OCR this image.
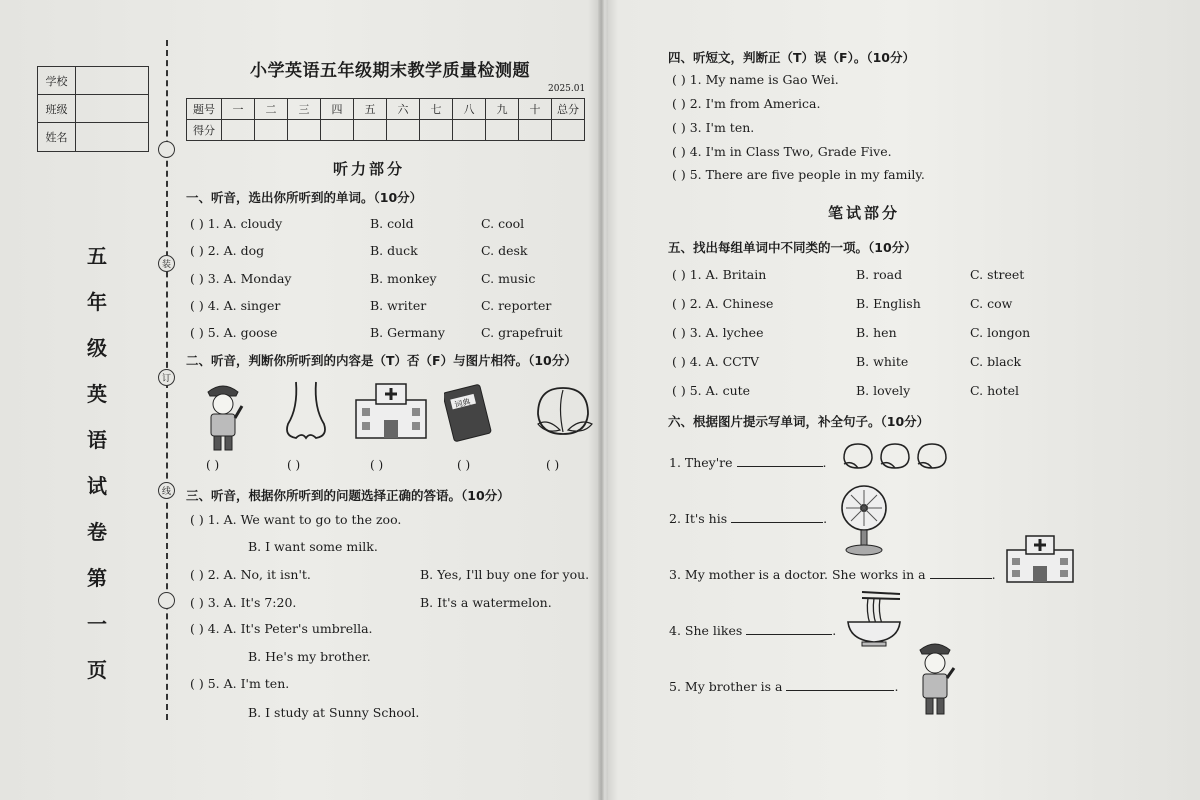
学校
班级
姓名
五
年
级
英
语
试
卷
第
一
页
装
订
线
小学英语五年级期末教学质量检测题
2025.01
题号	一	二	三	四	五	六	七	八	九	十	总分
得分											
听力部分
一、听音，选出你所听到的单词。（10分）
( ) 1. A. cloudy	B. cold	C. cool
( ) 2. A. dog	B. duck	C. desk
( ) 3. A. Monday	B. monkey	C. music
( ) 4. A. singer	B. writer	C. reporter
( ) 5. A. goose	B. Germany	C. grapefruit
二、听音，判断你所听到的内容是（T）否（F）与图片相符。（10分）
词典
( )	( )	( )	( )	( )
三、听音，根据你所听到的问题选择正确的答语。（10分）
( ) 1. A. We want to go to the zoo.
B. I want some milk.
( ) 2. A. No, it isn't.	B. Yes, I'll buy one for you.
( ) 3. A. It's 7:20.	B. It's a watermelon.
( ) 4. A. It's Peter's umbrella.
B. He's my brother.
( ) 5. A. I'm ten.
B. I study at Sunny School.
四、听短文，判断正（T）误（F）。（10分）
( ) 1. My name is Gao Wei.
( ) 2. I'm from America.
( ) 3. I'm ten.
( ) 4. I'm in Class Two, Grade Five.
( ) 5. There are five people in my family.
笔试部分
五、找出每组单词中不同类的一项。（10分）
( ) 1. A. Britain	B. road	C. street
( ) 2. A. Chinese	B. English	C. cow
( ) 3. A. lychee	B. hen	C. longon
( ) 4. A. CCTV	B. white	C. black
( ) 5. A. cute	B. lovely	C. hotel
六、根据图片提示写单词，补全句子。（10分）
1. They're	.
2. It's his	.
3. My mother is a doctor. She works in a	.
4. She likes	.
5. My brother is a	.
